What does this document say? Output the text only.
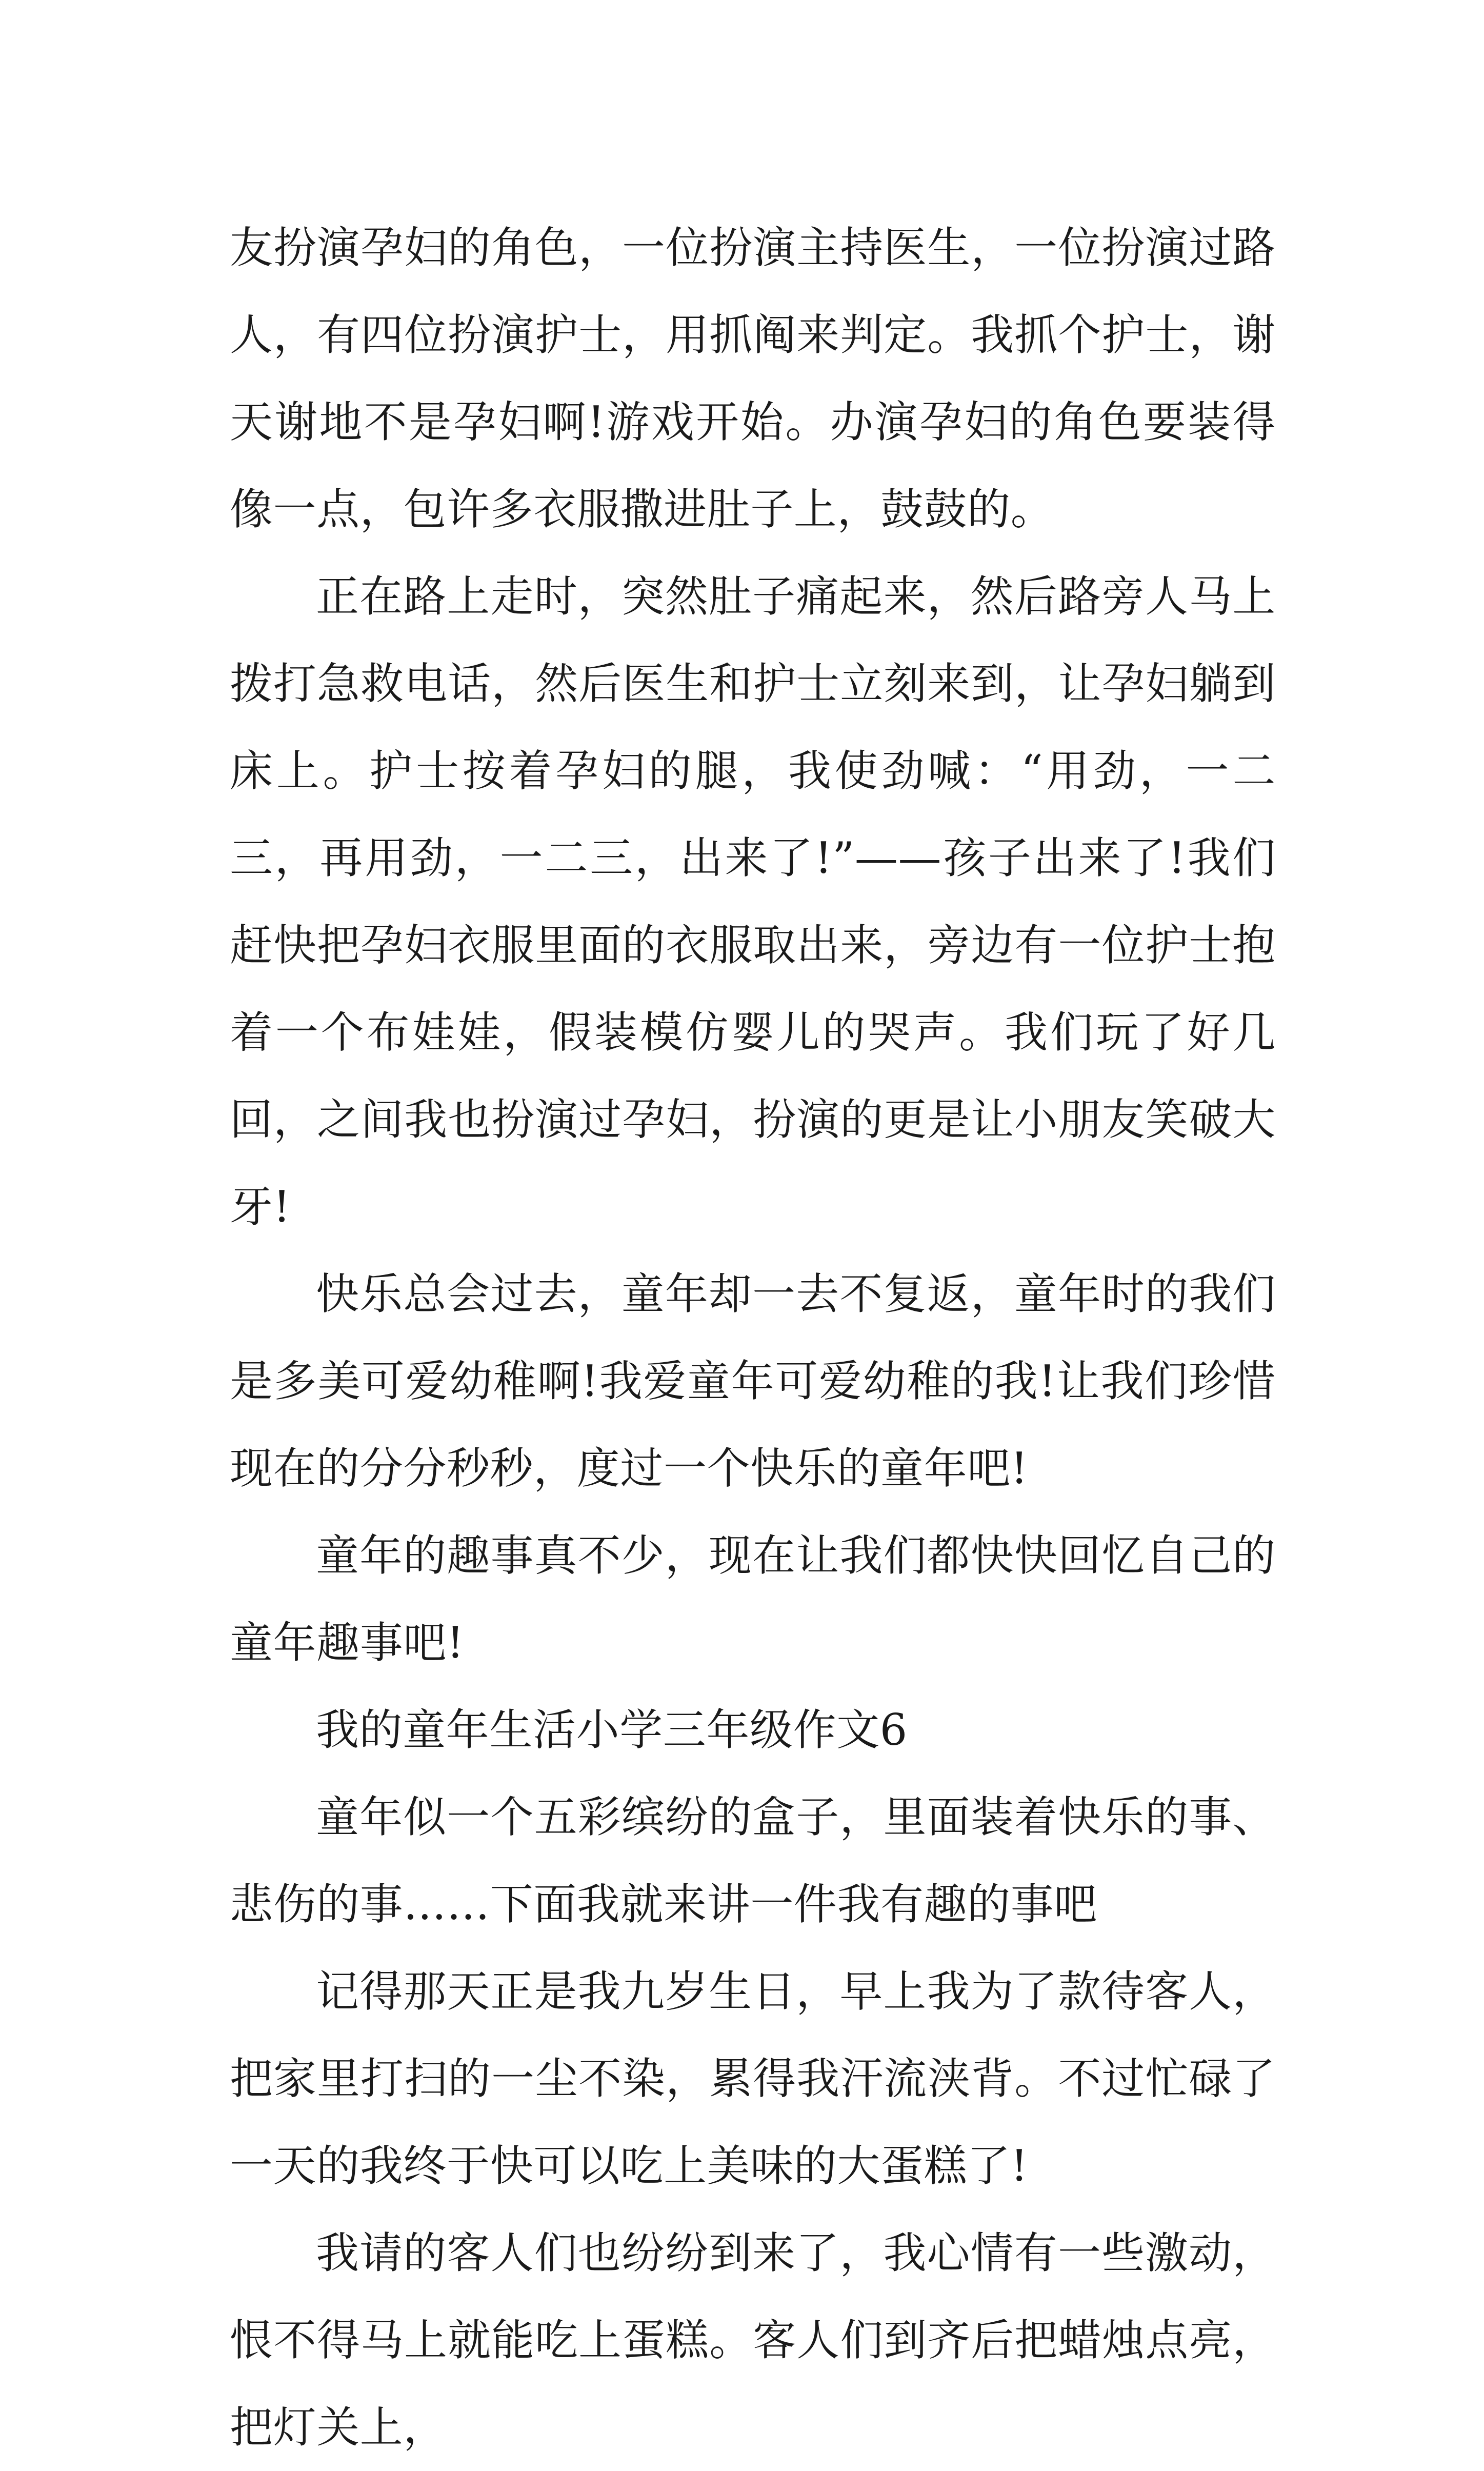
友扮演孕妇的角色，一位扮演主持医生，一位扮演过路人，有四位扮演护士，用抓阄来判定。我抓个护士，谢天谢地不是孕妇啊!游戏开始。办演孕妇的角色要装得像一点，包许多衣服撒进肚子上，鼓鼓的。

正在路上走时，突然肚子痛起来，然后路旁人马上拨打急救电话，然后医生和护士立刻来到，让孕妇躺到床上。护士按着孕妇的腿，我使劲喊：“用劲，一二三，再用劲，一二三，出来了!”——孩子出来了!我们赶快把孕妇衣服里面的衣服取出来，旁边有一位护士抱着一个布娃娃，假装模仿婴儿的哭声。我们玩了好几回，之间我也扮演过孕妇，扮演的更是让小朋友笑破大牙!

快乐总会过去，童年却一去不复返，童年时的我们是多美可爱幼稚啊!我爱童年可爱幼稚的我!让我们珍惜现在的分分秒秒，度过一个快乐的童年吧!

童年的趣事真不少，现在让我们都快快回忆自己的童年趣事吧!

我的童年生活小学三年级作文6

童年似一个五彩缤纷的盒子，里面装着快乐的事、悲伤的事……下面我就来讲一件我有趣的事吧

记得那天正是我九岁生日，早上我为了款待客人，把家里打扫的一尘不染，累得我汗流浃背。不过忙碌了一天的我终于快可以吃上美味的大蛋糕了!

我请的客人们也纷纷到来了，我心情有一些激动，恨不得马上就能吃上蛋糕。客人们到齐后把蜡烛点亮，把灯关上，
